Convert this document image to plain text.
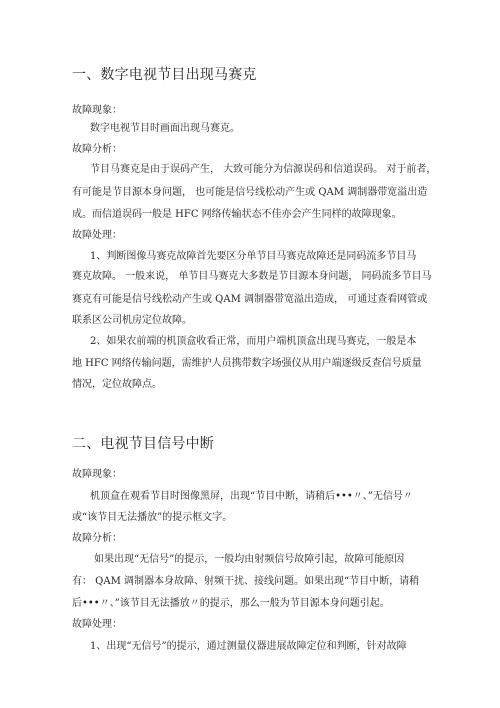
一、数字电视节目出现马赛克
故障现象：
数字电视节目时画面出现马赛克。
故障分析：
节目马赛克是由于误码产生， 大致可能分为信源误码和信道误码。 对于前者，
有可能是节目源本身问题， 也可能是信号线松动产生或 QAM 调制器带宽溢出造
成。而信道误码一般是 HFC 网络传输状态不佳亦会产生同样的故障现象。
故障处理：
1、判断图像马赛克故障首先要区分单节目马赛克故障还是同码流多节目马
赛克故障。 一般来说， 单节目马赛克大多数是节目源本身问题， 同码流多节目马
赛克有可能是信号线松动产生或 QAM 调制器带宽溢出造成， 可通过查看网管或
联系区公司机房定位故障。
2、如果农前端的机顶盒收看正常，而用户端机顶盒出现马赛克，一般是本
地 HFC 网络传输问题，需维护人员携带数字场强仪从用户端逐级反查信号质量
情况，定位故障点。
二、电视节目信号中断
故障现象：
机顶盒在观看节目时图像黑屏，出现“节目中断，请稍后•••〃、”无信号〃
或“该节目无法播放”的提示框文字。
故障分析：
如果出现“无信号”的提示，一般均由射频信号故障引起，故障可能原因
有： QAM 调制器本身故障、射频干扰、接线问题。如果出现“节目中断，请稍
后•••〃、”该节目无法播放〃的提示，那么一般为节目源本身问题引起。
故障处理：
1、出现“无信号”的提示，通过测量仪器进展故障定位和判断，针对故障
